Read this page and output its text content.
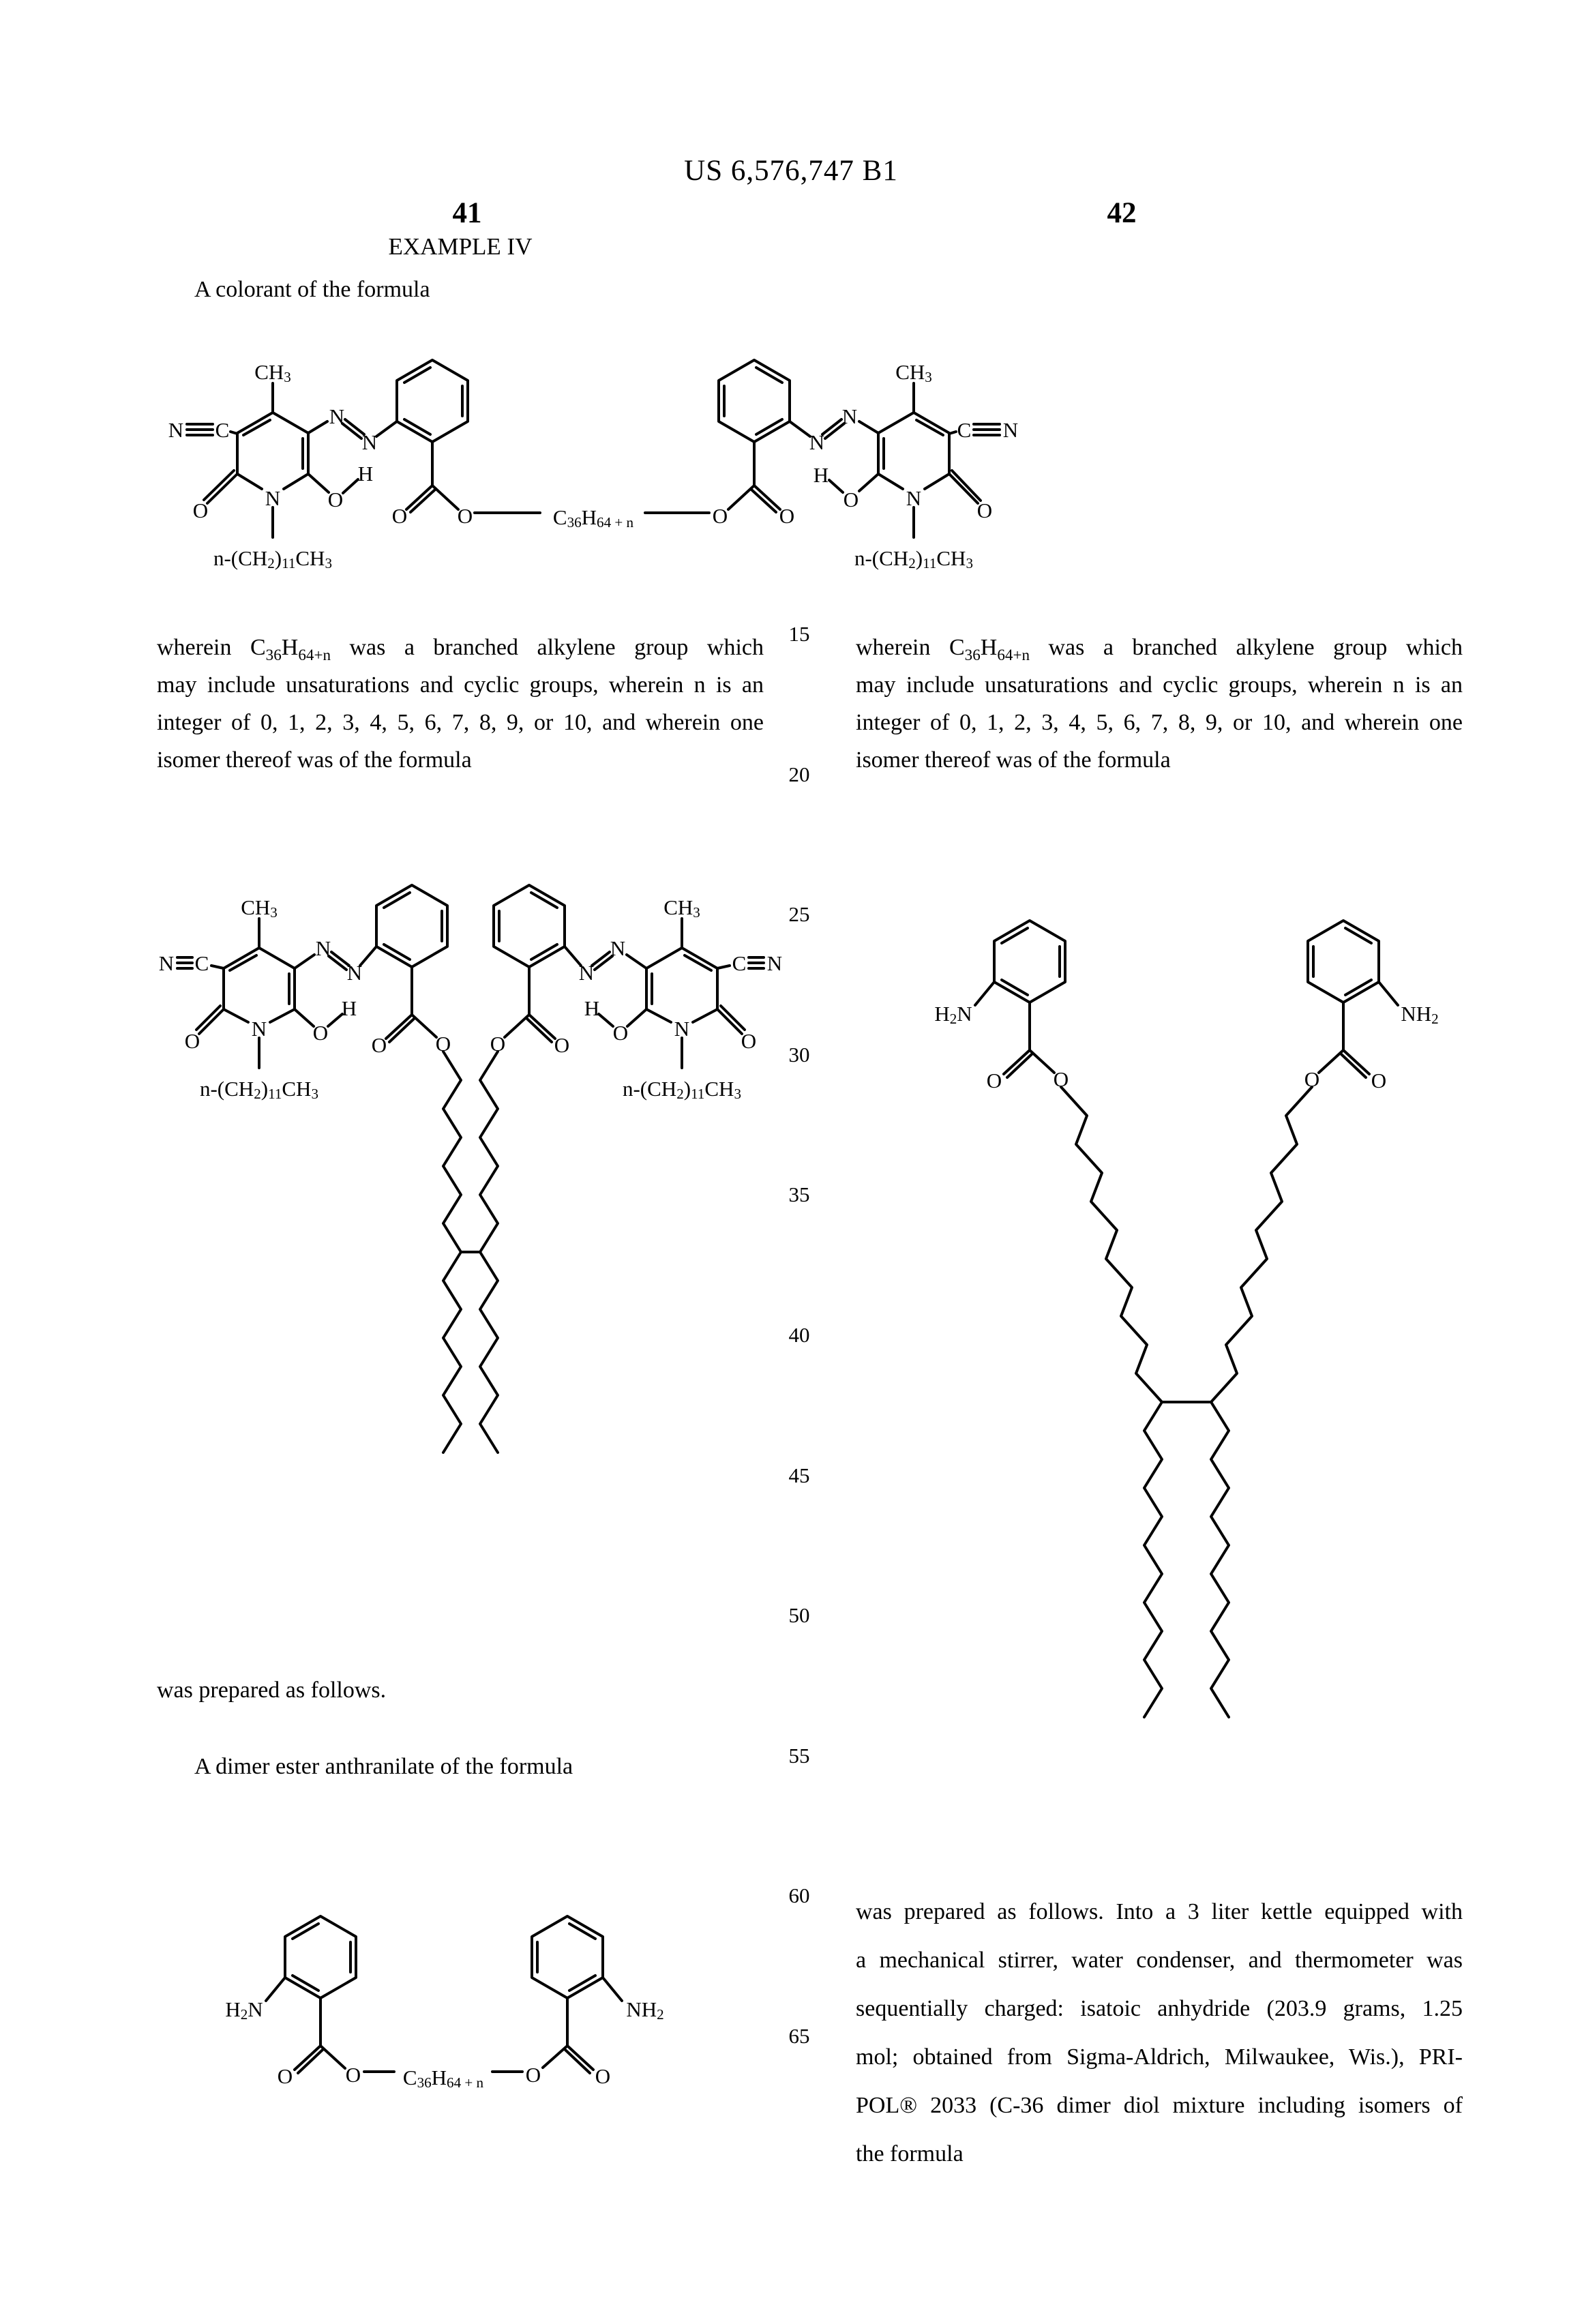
US 6,576,747 B1
41	42
EXAMPLE IV
A colorant of the formula
15
20
25
30
35
40
45
50
55
60
65
$CH_3$
N C
N
N
O O	$C_{36}H_{64 + n}$	O O
H
O
N
$n-(CH_2)_{11}CH_3$
O
$CH_3$
C N
N
N
H
O N
$n-(CH_2)_{11}CH_3$
O
wherein $C_{36}H_{64+n}$ was a branched alkylene group which
may include unsaturations and cyclic groups, wherein n is an
integer of 0, 1, 2, 3, 4, 5, 6, 7, 8, 9, or 10, and wherein one
isomer thereof was of the formula
wherein $C_{36}H_{64+n}$ was a branched alkylene group which
may include unsaturations and cyclic groups, wherein n is an
integer of 0, 1, 2, 3, 4, 5, 6, 7, 8, 9, or 10, and wherein one
isomer thereof was of the formula
$CH_3$
N C
N
N
H
O
O O
N
$n-(CH_2)_{11}CH_3$
O
$CH_3$
C N
N
N
H
O
O
O
N
$n-(CH_2)_{11}CH_3$
O
$H_2N$
O O
$NH_2$
O
O
was prepared as follows.
A dimer ester anthranilate of the formula
$H_2N$
O	O $C_{36}H_{64 + n}$ O	O
$NH_2$
was prepared as follows. Into a 3 liter kettle equipped with
a mechanical stirrer, water condenser, and thermometer was
sequentially charged: isatoic anhydride (203.9 grams, 1.25
mol; obtained from Sigma-Aldrich, Milwaukee, Wis.), PRI-
POL® 2033 (C-36 dimer diol mixture including isomers of
the formula
